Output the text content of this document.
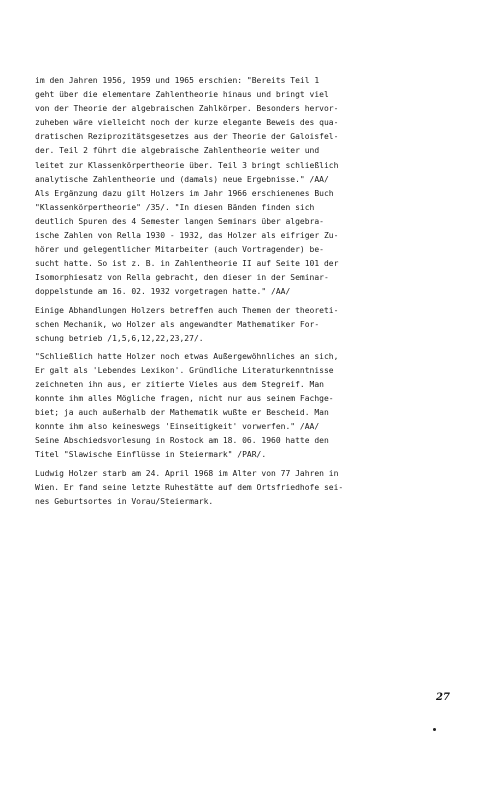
im den Jahren 1956, 1959 und 1965 erschien: "Bereits Teil 1
geht über die elementare Zahlentheorie hinaus und bringt viel
von der Theorie der algebraischen Zahlkörper. Besonders hervor-
zuheben wäre vielleicht noch der kurze elegante Beweis des qua-
dratischen Reziprozitätsgesetzes aus der Theorie der Galoisfel-
der. Teil 2 führt die algebraische Zahlentheorie weiter und
leitet zur Klassenkörpertheorie über. Teil 3 bringt schließlich
analytische Zahlentheorie und (damals) neue Ergebnisse." /AA/
Als Ergänzung dazu gilt Holzers im Jahr 1966 erschienenes Buch
"Klassenkörpertheorie" /35/. "In diesen Bänden finden sich
deutlich Spuren des 4 Semester langen Seminars über algebra-
ische Zahlen von Rella 1930 - 1932, das Holzer als eifriger Zu-
hörer und gelegentlicher Mitarbeiter (auch Vortragender) be-
sucht hatte. So ist z. B. in Zahlentheorie II auf Seite 101 der
Isomorphiesatz von Rella gebracht, den dieser in der Seminar-
doppelstunde am 16. 02. 1932 vorgetragen hatte." /AA/

Einige Abhandlungen Holzers betreffen auch Themen der theoreti-
schen Mechanik, wo Holzer als angewandter Mathematiker For-
schung betrieb /1,5,6,12,22,23,27/.

"Schließlich hatte Holzer noch etwas Außergewöhnliches an sich,
Er galt als 'Lebendes Lexikon'. Gründliche Literaturkenntnisse
zeichneten ihn aus, er zitierte Vieles aus dem Stegreif. Man
konnte ihm alles Mögliche fragen, nicht nur aus seinem Fachge-
biet; ja auch außerhalb der Mathematik wußte er Bescheid. Man
konnte ihm also keineswegs 'Einseitigkeit' vorwerfen." /AA/
Seine Abschiedsvorlesung in Rostock am 18. 06. 1960 hatte den
Titel "Slawische Einflüsse in Steiermark" /PAR/.

Ludwig Holzer starb am 24. April 1968 im Alter von 77 Jahren in
Wien. Er fand seine letzte Ruhestätte auf dem Ortsfriedhofe sei-
nes Geburtsortes in Vorau/Steiermark.

27
